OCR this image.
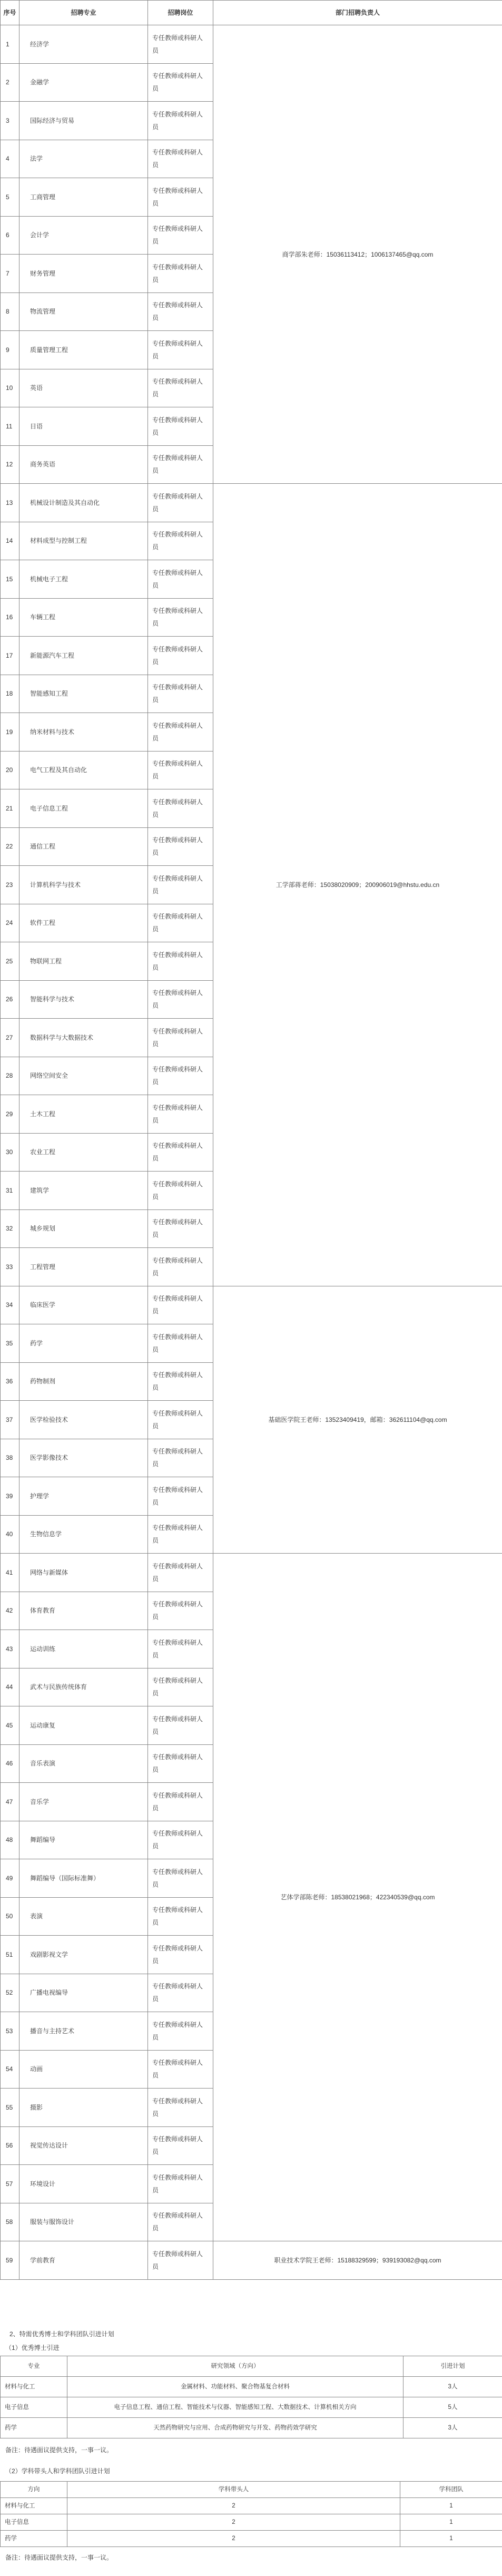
序号	招聘专业	招聘岗位	部门招聘负责人
1	经济学	专任教师或科研人
员	商学部朱老师：15036113412；1006137465@qq.com
2	金融学	专任教师或科研人
员	

3	国际经济与贸易	专任教师或科研人
员	

4	法学	专任教师或科研人
员	

5	工商管理	专任教师或科研人
员	

6	会计学	专任教师或科研人
员	

7	财务管理	专任教师或科研人
员	

8	物流管理	专任教师或科研人
员	

9	质量管理工程	专任教师或科研人
员	

10	英语	专任教师或科研人
员	

11	日语	专任教师或科研人
员	

12	商务英语	专任教师或科研人
员	

13	机械设计制造及其自动化	专任教师或科研人
员	工学部蒋老师：15038020909；200906019@hhstu.edu.cn
14	材料成型与控制工程	专任教师或科研人
员	

15	机械电子工程	专任教师或科研人
员	

16	车辆工程	专任教师或科研人
员	

17	新能源汽车工程	专任教师或科研人
员	

18	智能感知工程	专任教师或科研人
员	

19	纳米材料与技术	专任教师或科研人
员	

20	电气工程及其自动化	专任教师或科研人
员	

21	电子信息工程	专任教师或科研人
员	

22	通信工程	专任教师或科研人
员	

23	计算机科学与技术	专任教师或科研人
员	

24	软件工程	专任教师或科研人
员	

25	物联网工程	专任教师或科研人
员	

26	智能科学与技术	专任教师或科研人
员	

27	数据科学与大数据技术	专任教师或科研人
员	

28	网络空间安全	专任教师或科研人
员	

29	土木工程	专任教师或科研人
员	

30	农业工程	专任教师或科研人
员	

31	建筑学	专任教师或科研人
员	

32	城乡规划	专任教师或科研人
员	

33	工程管理	专任教师或科研人
员	

34	临床医学	专任教师或科研人
员	基础医学院王老师：13523409419，邮箱：362611104@qq.com
35	药学	专任教师或科研人
员	

36	药物制剂	专任教师或科研人
员	

37	医学检验技术	专任教师或科研人
员	

38	医学影像技术	专任教师或科研人
员	

39	护理学	专任教师或科研人
员	

40	生物信息学	专任教师或科研人
员	

41	网络与新媒体	专任教师或科研人
员	艺体学部陈老师：18538021968；422340539@qq.com
42	体育教育	专任教师或科研人
员	

43	运动训练	专任教师或科研人
员	

44	武术与民族传统体育	专任教师或科研人
员	

45	运动康复	专任教师或科研人
员	

46	音乐表演	专任教师或科研人
员	

47	音乐学	专任教师或科研人
员	

48	舞蹈编导	专任教师或科研人
员	

49	舞蹈编导（国际标准舞）	专任教师或科研人
员	

50	表演	专任教师或科研人
员	

51	戏剧影视文学	专任教师或科研人
员	

52	广播电视编导	专任教师或科研人
员	

53	播音与主持艺术	专任教师或科研人
员	

54	动画	专任教师或科研人
员	

55	摄影	专任教师或科研人
员	

56	视觉传达设计	专任教师或科研人
员	

57	环境设计	专任教师或科研人
员	

58	服装与服饰设计	专任教师或科研人
员	

59	学前教育	专任教师或科研人
员	职业技术学院王老师：15188329599；939193082@qq.com
2、特需优秀博士和学科团队引进计划
（1）优秀博士引进
专业	研究领域（方向）	引进计划
材料与化工	金属材料、功能材料、聚合物基复合材料	3人
电子信息	电子信息工程、通信工程、智能技术与仪器、智能感知工程、大数据技术、计算机相关方向	5人
药学	天然药物研究与应用、合成药物研究与开发、药物药效学研究	3人
备注：待遇面议提供支持，一事一议。
（2）学科带头人和学科团队引进计划
方向	学科带头人	学科团队
材料与化工	2	1
电子信息	2	1
药学	2	1
备注：待遇面议提供支持，一事一议。
